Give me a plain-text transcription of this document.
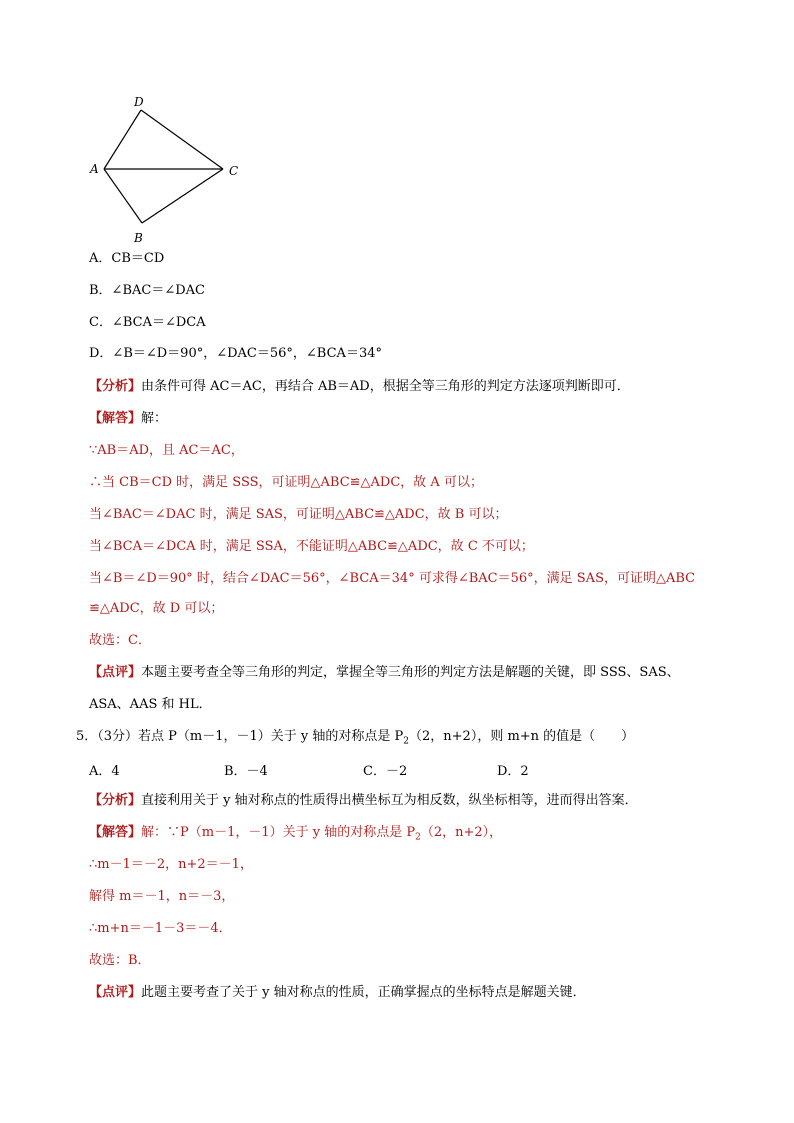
D
A	C
B
A．CB＝CD
B．∠BAC＝∠DAC
C．∠BCA＝∠DCA
D．∠B＝∠D＝90°，∠DAC＝56°，∠BCA＝34°
【分析】由条件可得 AC＝AC，再结合 AB＝AD，根据全等三角形的判定方法逐项判断即可．
【解答】解：
∵AB＝AD，且 AC＝AC，
∴当 CB＝CD 时，满足 SSS，可证明△ABC≌△ADC，故 A 可以；
当∠BAC＝∠DAC 时，满足 SAS，可证明△ABC≌△ADC，故 B 可以；
当∠BCA＝∠DCA 时，满足 SSA，不能证明△ABC≌△ADC，故 C 不可以；
当∠B＝∠D＝90° 时，结合∠DAC＝56°，∠BCA＝34° 可求得∠BAC＝56°，满足 SAS，可证明△ABC
≌△ADC，故 D 可以；
故选：C．
【点评】本题主要考查全等三角形的判定，掌握全等三角形的判定方法是解题的关键，即 SSS、SAS、
ASA、AAS 和 HL．
5．（3分）若点 P（m－1，－1）关于 y 轴的对称点是 $P_2(2$，n+2），则 m+n 的值是（　　）
A．4	B．－4	C．－2	D．2
【分析】直接利用关于 y 轴对称点的性质得出横坐标互为相反数，纵坐标相等，进而得出答案．
【解答】解：∵P（m－1，－1）关于 y 轴的对称点是 $P_2(2$，n+2），
∴m－1＝－2，n+2＝－1，
解得 m＝－1，n＝－3，
∴m+n＝－1－3＝－4．
故选：B．
【点评】此题主要考查了关于 y 轴对称点的性质，正确掌握点的坐标特点是解题关键．
